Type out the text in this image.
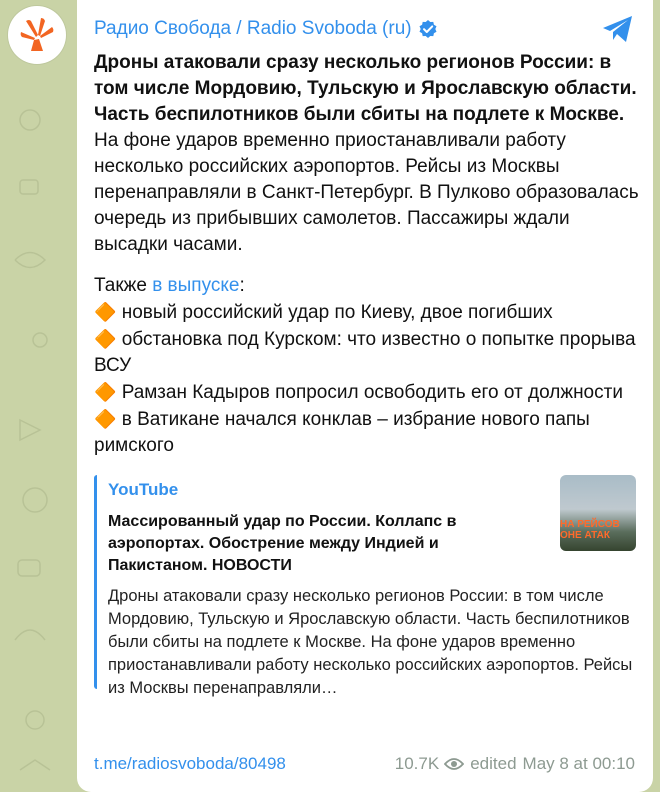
Радио Свобода / Radio Svoboda (ru)
Дроны атаковали сразу несколько регионов России: в том числе Мордовию, Тульскую и Ярославскую области. Часть беспилотников были сбиты на подлете к Москве. На фоне ударов временно приостанавливали работу несколько российских аэропортов. Рейсы из Москвы перенаправляли в Санкт-Петербург. В Пулково образовалась очередь из прибывших самолетов. Пассажиры ждали высадки часами.
Также в выпуске:
🔶 новый российский удар по Киеву, двое погибших
🔶 обстановка под Курском: что известно о попытке прорыва ВСУ
🔶 Рамзан Кадыров попросил освободить его от должности
🔶 в Ватикане начался конклав – избрание нового папы римского
YouTube
Массированный удар по России. Коллапс в аэропортах. Обострение между Индией и Пакистаном. НОВОСТИ
Дроны атаковали сразу несколько регионов России: в том числе Мордовию, Тульскую и Ярославскую области. Часть беспилотников были сбиты на подлете к Москве. На фоне ударов временно приостанавливали работу несколько российских аэропортов. Рейсы из Москвы перенаправляли…
НА РЕЙСОВ
ОНЕ АТАК
t.me/radiosvoboda/80498	10.7K edited May 8 at 00:10
